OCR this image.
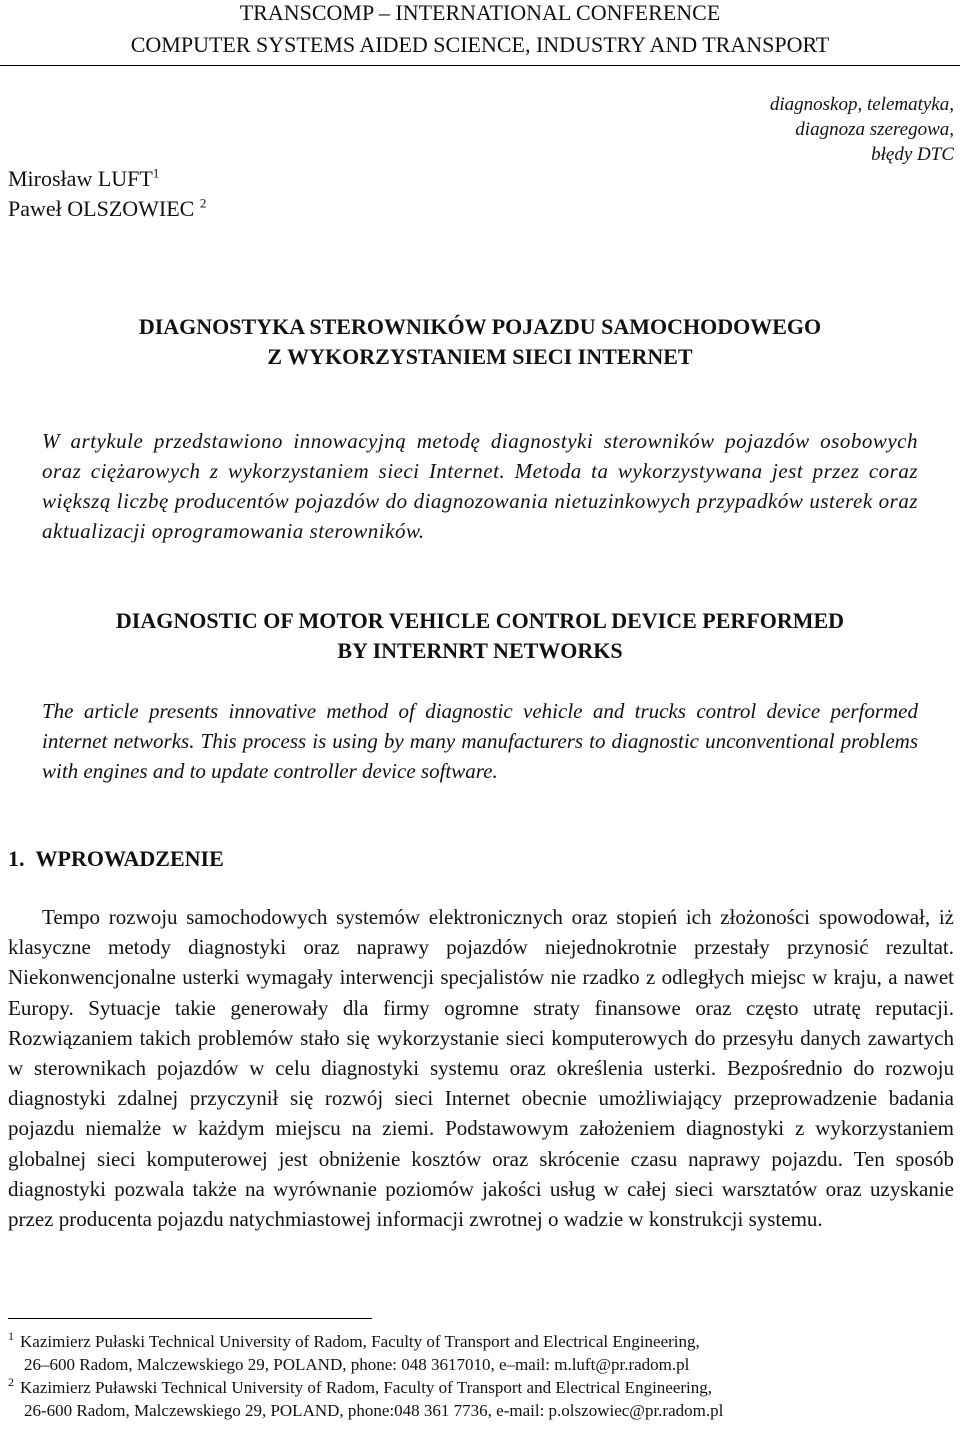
TRANSCOMP – INTERNATIONAL CONFERENCE
COMPUTER SYSTEMS AIDED SCIENCE, INDUSTRY AND TRANSPORT
diagnoskop, telematyka,
diagnoza szeregowa,
błędy DTC
Mirosław LUFT$^1$
Paweł OLSZOWIEC $^2$
DIAGNOSTYKA STEROWNIKÓW POJAZDU SAMOCHODOWEGO
Z WYKORZYSTANIEM SIECI INTERNET
W artykule przedstawiono innowacyjną metodę diagnostyki sterowników pojazdów osobowych oraz ciężarowych z wykorzystaniem sieci Internet. Metoda ta wykorzystywana jest przez coraz większą liczbę producentów pojazdów do diagnozowania nietuzinkowych przypadków usterek oraz aktualizacji oprogramowania sterowników.
DIAGNOSTIC OF MOTOR VEHICLE CONTROL DEVICE PERFORMED
BY INTERNRT NETWORKS
The article presents innovative method of diagnostic vehicle and trucks control device performed internet networks. This process is using by many manufacturers to diagnostic unconventional problems with engines and to update controller device software.
1. WPROWADZENIE
Tempo rozwoju samochodowych systemów elektronicznych oraz stopień ich złożoności spowodował, iż klasyczne metody diagnostyki oraz naprawy pojazdów niejednokrotnie przestały przynosić rezultat. Niekonwencjonalne usterki wymagały interwencji specjalistów nie rzadko z odległych miejsc w kraju, a nawet Europy. Sytuacje takie generowały dla firmy ogromne straty finansowe oraz często utratę reputacji. Rozwiązaniem takich problemów stało się wykorzystanie sieci komputerowych do przesyłu danych zawartych w sterownikach pojazdów w celu diagnostyki systemu oraz określenia usterki. Bezpośrednio do rozwoju diagnostyki zdalnej przyczynił się rozwój sieci Internet obecnie umożliwiający przeprowadzenie badania pojazdu niemalże w każdym miejscu na ziemi. Podstawowym założeniem diagnostyki z wykorzystaniem globalnej sieci komputerowej jest obniżenie kosztów oraz skrócenie czasu naprawy pojazdu. Ten sposób diagnostyki pozwala także na wyrównanie poziomów jakości usług w całej sieci warsztatów oraz uzyskanie przez producenta pojazdu natychmiastowej informacji zwrotnej o wadzie w konstrukcji systemu.
$^1$ Kazimierz Pułaski Technical University of Radom, Faculty of Transport and Electrical Engineering,
26–600 Radom, Malczewskiego 29, POLAND, phone: 048 3617010, e–mail: m.luft@pr.radom.pl
$^2$ Kazimierz Puławski Technical University of Radom, Faculty of Transport and Electrical Engineering,
26-600 Radom, Malczewskiego 29, POLAND, phone:048 361 7736, e-mail: p.olszowiec@pr.radom.pl
